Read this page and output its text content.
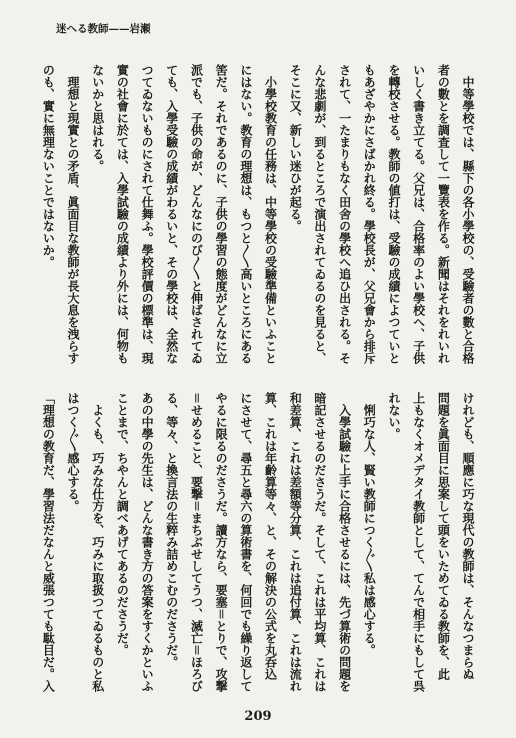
迷へる教師——岩瀬
　中等學校では、縣下の各小學校の、受驗者の數と合格
者の數とを調査して一覽表を作る。新聞はそれをれいれ
いしく書き立てる。父兄は、合格率のよい學校へ、子供
を轉校させる。教師の値打は、受驗の成績によつていと
もあざやかにさばかれ終る。學校長が、父兄會から排斥
されて、一たまりもなく田舍の學校へ追ひ出される。そ
んな悲劇が、到るところで演出されてゐるのを見ると、
そこに又、新しい迷ひが起る。
　小學校教育の任務は、中等學校の受驗準備といふこと
にはない。教育の理想は、もつと〳〵高いところにある
筈だ。それであるのに、子供の學習の態度がどんなに立
派でも、子供の命が、どんなにのび〳〵と伸ばされてゐ
ても、入學受驗の成績がわるいと、その學校は、全然な
つてゐないものにされて仕舞ふ。學校評價の標準は、現
實の社會に於ては、入學試驗の成績より外には、何物も
ないかと思はれる。
　理想と現實との矛盾、眞面目な教師が長大息を洩らす
のも、實に無理ないことではないか。
けれども、順應に巧な現代の教師は、そんなつまらぬ
問題を眞面目に思案して頭をいためてゐる教師を、此
上もなくオメデタイ教師として、てんで相手にもして呉
れない。
　悧巧な人、賢い教師につく〴〵私は感心する。
　入學試驗に上手に合格させるには、先づ算術の問題を
暗記させるのださうだ。そして、これは平均算、これは
和差算、これは差額等分算、これは追付算、これは流れ
算、これは年齡算等々、と、その解決の公式を丸呑込
にさせて、尋五と尋六の算術書を、何回でも繰り返して
やるに限るのださうだ。讀方なら、要塞＝とりで、攻撃
＝せめること、要撃＝まちぶせしてうつ、滅亡＝ほろび
る、等々、と換言法の生粹み詰めこむのださうだ。
あの中學の先生は、どんな書き方の答案をすくかといふ
ことまで、ちやんと調べあげてあるのださうだ。
　よくも、巧みな仕方を、巧みに取扱つてゐるものと私
はつく〴〵感心する。
「理想の教育だ、學習法だなんと威張つても駄目だ。入
209
